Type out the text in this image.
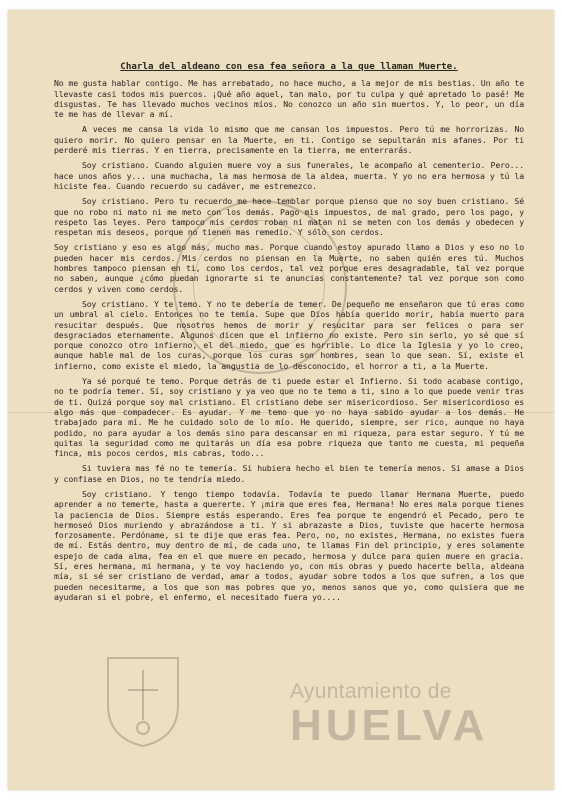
Charla del aldeano con esa fea señora a la que llaman Muerte.

No me gusta hablar contigo. Me has arrebatado, no hace mucho, a la mejor de mis bestias. Un año te llevaste casi todos mis puercos. ¡Qué año aquel, tan malo, por tu culpa y qué apretado lo pasé! Me disgustas. Te has llevado muchos vecinos míos. No conozco un año sin muertos. Y, lo peor, un día te me has de llevar a mí.

A veces me cansa la vida lo mismo que me cansan los impuestos. Pero tú me horrorizas. No quiero morir. No quiero pensar en la Muerte, en ti. Contigo se sepultarán mis afanes. Por ti perderé mis tierras. Y en tierra, precisamente en la tierra, me enterrarás.

Soy cristiano. Cuando alguien muere voy a sus funerales, le acompaño al cementerio. Pero... hace unos años y... una muchacha, la mas hermosa de la aldea, muerta. Y yo no era hermosa y tú la hiciste fea. Cuando recuerdo su cadáver, me estremezco.

Soy cristiano. Pero tu recuerdo me hace temblar porque pienso que no soy buen cristiano. Sé que no robo ni mato ni me meto con los demás. Pago mis impuestos, de mal grado, pero los pago, y respeto las leyes. Pero tampoco mis cerdos roban ni matan ni se meten con los demás y obedecen y respetan mis deseos, porque no tienen mas remedio. Y sólo son cerdos.

Soy cristiano y eso es algo más, mucho mas. Porque cuando estoy apurado llamo a Dios y eso no lo pueden hacer mis cerdos. Mis cerdos no piensan en la Muerte, no saben quién eres tú. Muchos hombres tampoco piensan en ti, como los cerdos, tal vez porque eres desagradable, tal vez porque no saben, aunque ¿cómo puedan ignorarte si te anuncias constantemente? tal vez porque son como cerdos y viven como cerdos.

Soy cristiano. Y te temo. Y no te debería de temer. De pequeño me enseñaron que tú eras como un umbral al cielo. Entonces no te temía. Supe que Dios había querido morir, había muerto para resucitar después. Que nosotros hemos de morir y resucitar para ser felices o para ser desgraciados eternamente. Algunos dicen que el infierno no existe. Pero sin serlo, yo sé que sí porque conozco otro infierno, el del miedo, que es horrible. Lo dice la Iglesia y yo lo creo, aunque hable mal de los curas, porque los curas son hombres, sean lo que sean. Sí, existe el infierno, como existe el miedo, la angustia de lo desconocido, el horror a ti, a la Muerte.

Ya sé porqué te temo. Porque detrás de ti puede estar el Infierno. Si todo acabase contigo, no te podría temer. Sí, soy cristiano y ya veo que no te temo a ti, sino a lo que puede venir tras de ti. Quizá porque soy mal cristiano. El cristiano debe ser misericordioso. Ser misericordioso es algo más que compadecer. Es ayudar. Y me temo que yo no haya sabido ayudar a los demás. He trabajado para mí. Me he cuidado solo de lo mío. He querido, siempre, ser rico, aunque no haya podido, no para ayudar a los demás sino para descansar en mi riqueza, para estar seguro. Y tú me quitas la seguridad como me quitarás un día esa pobre riqueza que tanto me cuesta, mi pequeña finca, mis pocos cerdos, mis cabras, todo...

Si tuviera mas fé no te temería. Si hubiera hecho el bien te temería menos. Si amase a Dios y confiase en Dios, no te tendría miedo.

Soy cristiano. Y tengo tiempo todavía. Todavía te puedo llamar Hermana Muerte, puedo aprender a no temerte, hasta a quererte. Y ¡mira que eres fea, Hermana! No eres mala porque tienes la paciencia de Dios. Siempre estás esperando. Eres fea porque te engendró el Pecado, pero te hermoseó Dios muriendo y abrazándose a ti. Y si abrazaste a Dios, tuviste que hacerte hermosa forzosamente. Perdóname, si te dije que eras fea. Pero, no, no existes, Hermana, no existes fuera de mí. Estás dentro, muy dentro de mí, de cada uno, te llamas Fin del principio, y eres solamente espejo de cada alma, fea en el que muere en pecado, hermosa y dulce para quien muere en gracia. Sí, eres hermana, mi hermana, y te voy haciendo yo, con mis obras y puedo hacerte bella, aldeana mía, si sé ser cristiano de verdad, amar a todos, ayudar sobre todos a los que sufren, a los que pueden necesitarme, a los que son mas pobres que yo, menos sanos que yo, como quisiera que me ayudaran si el pobre, el enfermo, el necesitado fuera yo....

Ayuntamiento de
HUELVA
